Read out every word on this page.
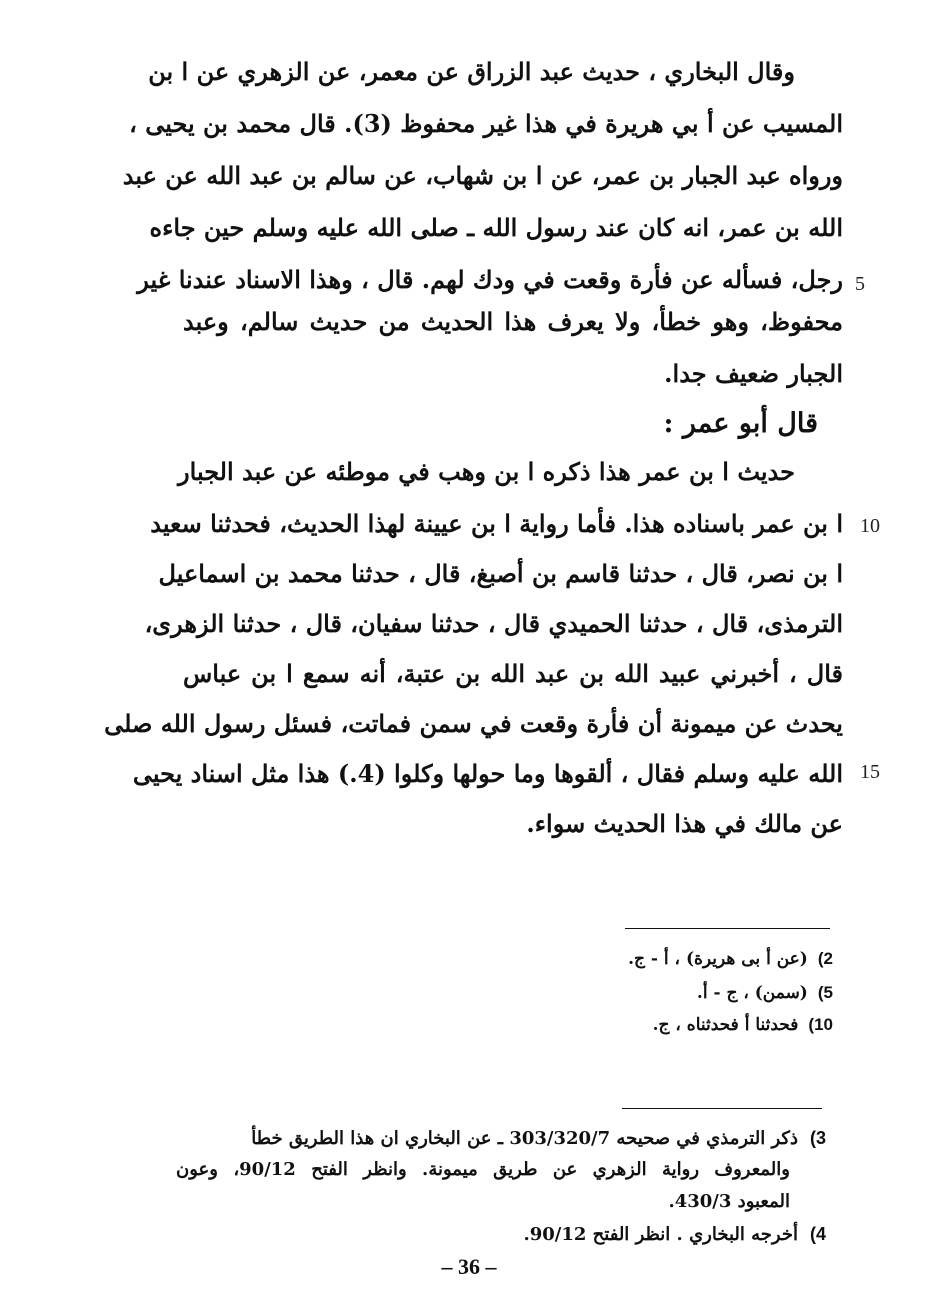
وقال البخاري ، حديث عبد الزراق عن معمر، عن الزهري عن ا بن
المسيب عن أ بي هريرة في هذا غير محفوظ (3). قال محمد بن يحيى ،
ورواه عبد الجبار بن عمر، عن ا بن شهاب، عن سالم بن عبد الله عن عبد
الله بن عمر، انه كان عند رسول الله ـ صلى الله عليه وسلم حين جاءه
رجل، فسأله عن فأرة وقعت في ودك لهم. قال ، وهذا الاسناد عندنا غير
محفوظ، وهو خطأ، ولا يعرف هذا الحديث من حديث سالم، وعبد
الجبار ضعيف جدا.
قال أبو عمر :
حديث ا بن عمر هذا ذكره ا بن وهب في موطئه عن عبد الجبار
ا بن عمر باسناده هذا. فأما رواية ا بن عيينة لهذا الحديث، فحدثنا سعيد
ا بن نصر، قال ، حدثنا قاسم بن أصبغ، قال ، حدثنا محمد بن اسماعيل
الترمذى، قال ، حدثنا الحميدي قال ، حدثنا سفيان، قال ، حدثنا الزهرى،
قال ، أخبرني عبيد الله بن عبد الله بن عتبة، أنه سمع ا بن عباس
يحدث عن ميمونة أن فأرة وقعت في سمن فماتت، فسئل رسول الله صلى
الله عليه وسلم فقال ، ألقوها وما حولها وكلوا (4.) هذا مثل اسناد يحيى
عن مالك في هذا الحديث سواء.
5
10
15
2)(عن أ بى هريرة) ، أ - ج.
5)(سمن) ، ج - أ.
10)فحدثنا أ فحدثناه ، ج.
3)ذكر الترمذي في صحيحه 303/320/7 ـ عن البخاري ان هذا الطريق خطأ
والمعروف رواية الزهري عن طريق ميمونة. وانظر الفتح 90/12، وعون
المعبود 430/3.
4)أخرجه البخاري . انظر الفتح 90/12.
– 36 –
